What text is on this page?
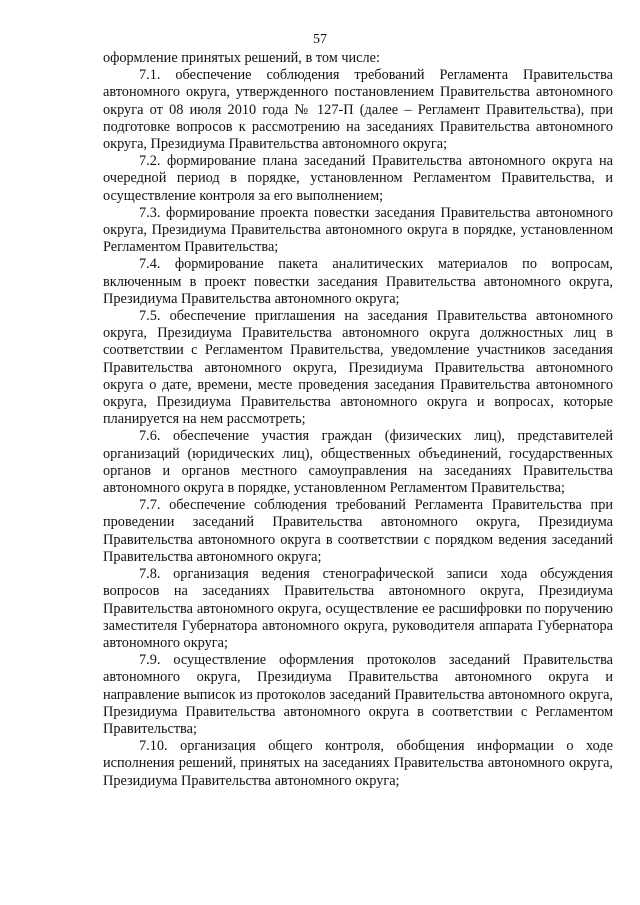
57

оформление принятых решений, в том числе:

7.1. обеспечение соблюдения требований Регламента Правительства автономного округа, утвержденного постановлением Правительства автономного округа от 08 июля 2010 года № 127-П (далее – Регламент Правительства), при подготовке вопросов к рассмотрению на заседаниях Правительства автономного округа, Президиума Правительства автономного округа;

7.2. формирование плана заседаний Правительства автономного округа на очередной период в порядке, установленном Регламентом Правительства, и осуществление контроля за его выполнением;

7.3. формирование проекта повестки заседания Правительства автономного округа, Президиума Правительства автономного округа в порядке, установленном Регламентом Правительства;

7.4. формирование пакета аналитических материалов по вопросам, включенным в проект повестки заседания Правительства автономного округа, Президиума Правительства автономного округа;

7.5. обеспечение приглашения на заседания Правительства автономного округа, Президиума Правительства автономного округа должностных лиц в соответствии с Регламентом Правительства, уведомление участников заседания Правительства автономного округа, Президиума Правительства автономного округа о дате, времени, месте проведения заседания Правительства автономного округа, Президиума Правительства автономного округа и вопросах, которые планируется на нем рассмотреть;

7.6. обеспечение участия граждан (физических лиц), представителей организаций (юридических лиц), общественных объединений, государственных органов и органов местного самоуправления на заседаниях Правительства автономного округа в порядке, установленном Регламентом Правительства;

7.7. обеспечение соблюдения требований Регламента Правительства при проведении заседаний Правительства автономного округа, Президиума Правительства автономного округа в соответствии с порядком ведения заседаний Правительства автономного округа;

7.8. организация ведения стенографической записи хода обсуждения вопросов на заседаниях Правительства автономного округа, Президиума Правительства автономного округа, осуществление ее расшифровки по поручению заместителя Губернатора автономного округа, руководителя аппарата Губернатора автономного округа;

7.9. осуществление оформления протоколов заседаний Правительства автономного округа, Президиума Правительства автономного округа и направление выписок из протоколов заседаний Правительства автономного округа, Президиума Правительства автономного округа в соответствии с Регламентом Правительства;

7.10. организация общего контроля, обобщения информации о ходе исполнения решений, принятых на заседаниях Правительства автономного округа, Президиума Правительства автономного округа;
